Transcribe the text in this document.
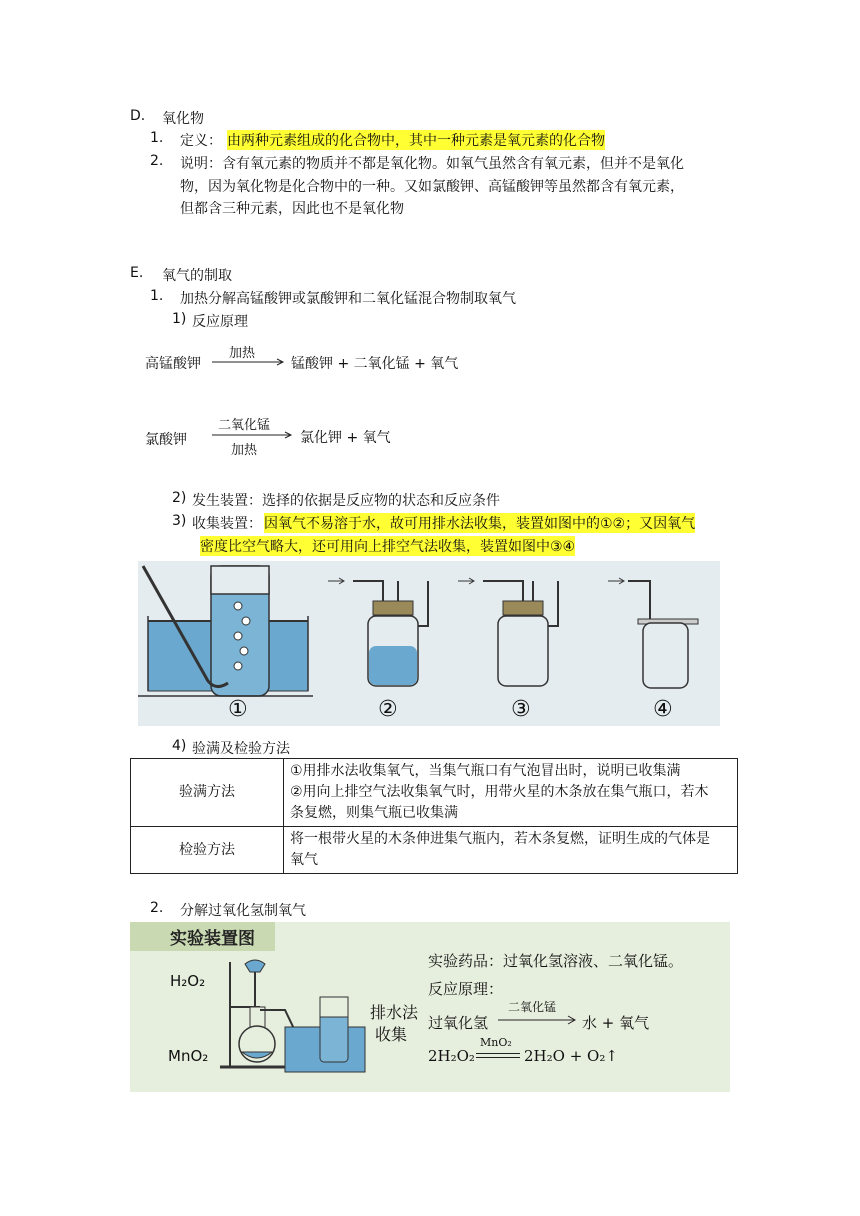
D. 氧化物
1. 定义： 由两种元素组成的化合物中，其中一种元素是氧元素的化合物
2. 说明：含有氧元素的物质并不都是氧化物。如氧气虽然含有氧元素，但并不是氧化
物，因为氧化物是化合物中的一种。又如氯酸钾、高锰酸钾等虽然都含有氧元素，
但都含三种元素，因此也不是氧化物
E. 氧气的制取
1. 加热分解高锰酸钾或氯酸钾和二氧化锰混合物制取氧气
1) 反应原理
高锰酸钾
加热
锰酸钾 + 二氧化锰 + 氧气
氯酸钾
二氧化锰
加热
氯化钾 + 氧气
2) 发生装置：选择的依据是反应物的状态和反应条件
3) 收集装置： 因氧气不易溶于水，故可用排水法收集，装置如图中的①②；又因氧气
密度比空气略大，还可用向上排空气法收集，装置如图中③④
①	②	③	④
4) 验满及检验方法
验满方法	①用排水法收集氧气，当集气瓶口有气泡冒出时，说明已收集满
②用向上排空气法收集氧气时，用带火星的木条放在集气瓶口，若木
条复燃，则集气瓶已收集满

检验方法	将一根带火星的木条伸进集气瓶内，若木条复燃，证明生成的气体是
氧气
2. 分解过氧化氢制氧气
实验装置图
H₂O₂
MnO₂
排水法
收集
实验药品：过氧化氢溶液、二氧化锰。
反应原理：
过氧化氢
二氧化锰
水 + 氧气
2H₂O₂
MnO₂
2H₂O + O₂↑
